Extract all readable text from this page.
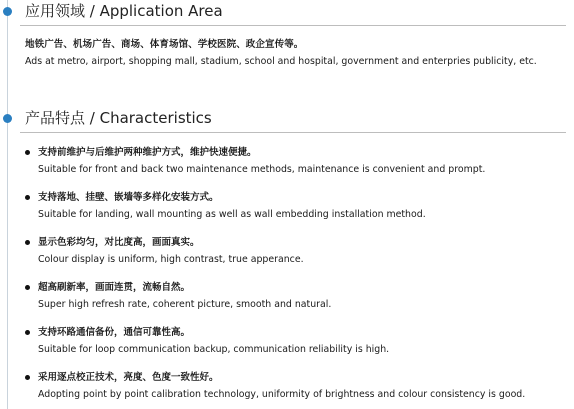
应用领域 / Application Area
地铁广告、机场广告、商场、体育场馆、学校医院、政企宣传等。
Ads at metro, airport, shopping mall, stadium, school and hospital, government and enterpries publicity, etc.
产品特点 / Characteristics
支持前维护与后维护两种维护方式，维护快速便捷。
Suitable for front and back two maintenance methods, maintenance is convenient and prompt.
支持落地、挂壁、嵌墙等多样化安装方式。
Suitable for landing, wall mounting as well as wall embedding installation method.
显示色彩均匀，对比度高，画面真实。
Colour display is uniform, high contrast, true apperance.
超高刷新率，画面连贯，流畅自然。
Super high refresh rate, coherent picture, smooth and natural.
支持环路通信备份，通信可靠性高。
Suitable for loop communication backup, communication reliability is high.
采用逐点校正技术，亮度、色度一致性好。
Adopting point by point calibration technology, uniformity of brightness and colour consistency is good.
